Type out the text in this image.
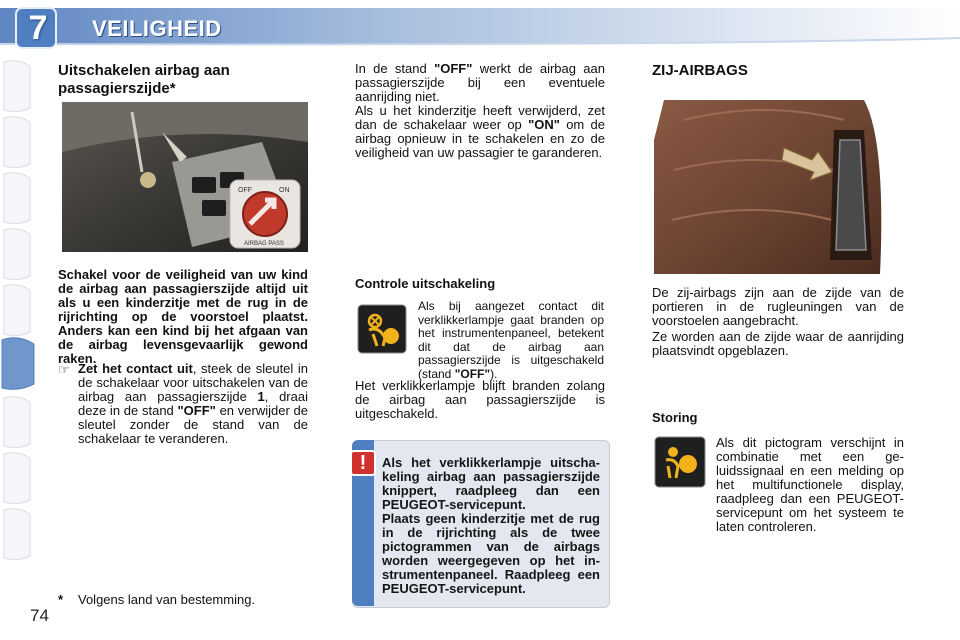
7	VEILIGHEID
Uitschakelen airbag aan passagierszijde*
OFF	ON
AIRBAG PASS
Schakel voor de veiligheid van uw kind de airbag aan passagierszijde altijd uit als u een kinderzitje met de rug in de rijrichting op de voorstoel plaatst. Anders kan een kind bij het afgaan van de airbag levensgevaarlijk gewond raken.
☞ Zet het contact uit, steek de sleutel in de schakelaar voor uitschakelen van de airbag aan passagierszijde 1, draai deze in de stand "OFF" en verwijder de sleutel zonder de stand van de schakelaar te veranderen.
* Volgens land van bestemming.
74
In de stand "OFF" werkt de airbag aan passagierszijde bij een eventuele aanrijding niet.
Als u het kinderzitje heeft verwijderd, zet dan de schakelaar weer op "ON" om de airbag opnieuw in te schakelen en zo de veiligheid van uw passagier te garanderen.
Controle uitschakeling
Als bij aangezet contact dit verklikkerlampje gaat branden op het instrumentenpaneel, betekent dit dat de airbag aan passagierszijde is uitgeschakeld (stand "OFF").
Het verklikkerlampje blijft branden zolang de airbag aan passagierszijde is uitgeschakeld.
!	Als het verklikkerlampje uitschakeling airbag aan passagierszijde knippert, raadpleeg dan een PEUGEOT-servicepunt.
Plaats geen kinderzitje met de rug in de rijrichting als de twee pictogrammen van de airbags worden weergegeven op het instrumentenpaneel. Raadpleeg een PEUGEOT-servicepunt.
ZIJ-AIRBAGS
De zij-airbags zijn aan de zijde van de portieren in de rugleuningen van de voorstoelen aangebracht.
Ze worden aan de zijde waar de aanrijding plaatsvindt opgeblazen.
Storing
Als dit pictogram verschijnt in combinatie met een geluidssignaal en een melding op het multifunctionele display, raadpleeg dan een PEUGEOT-servicepunt om het systeem te laten controleren.
